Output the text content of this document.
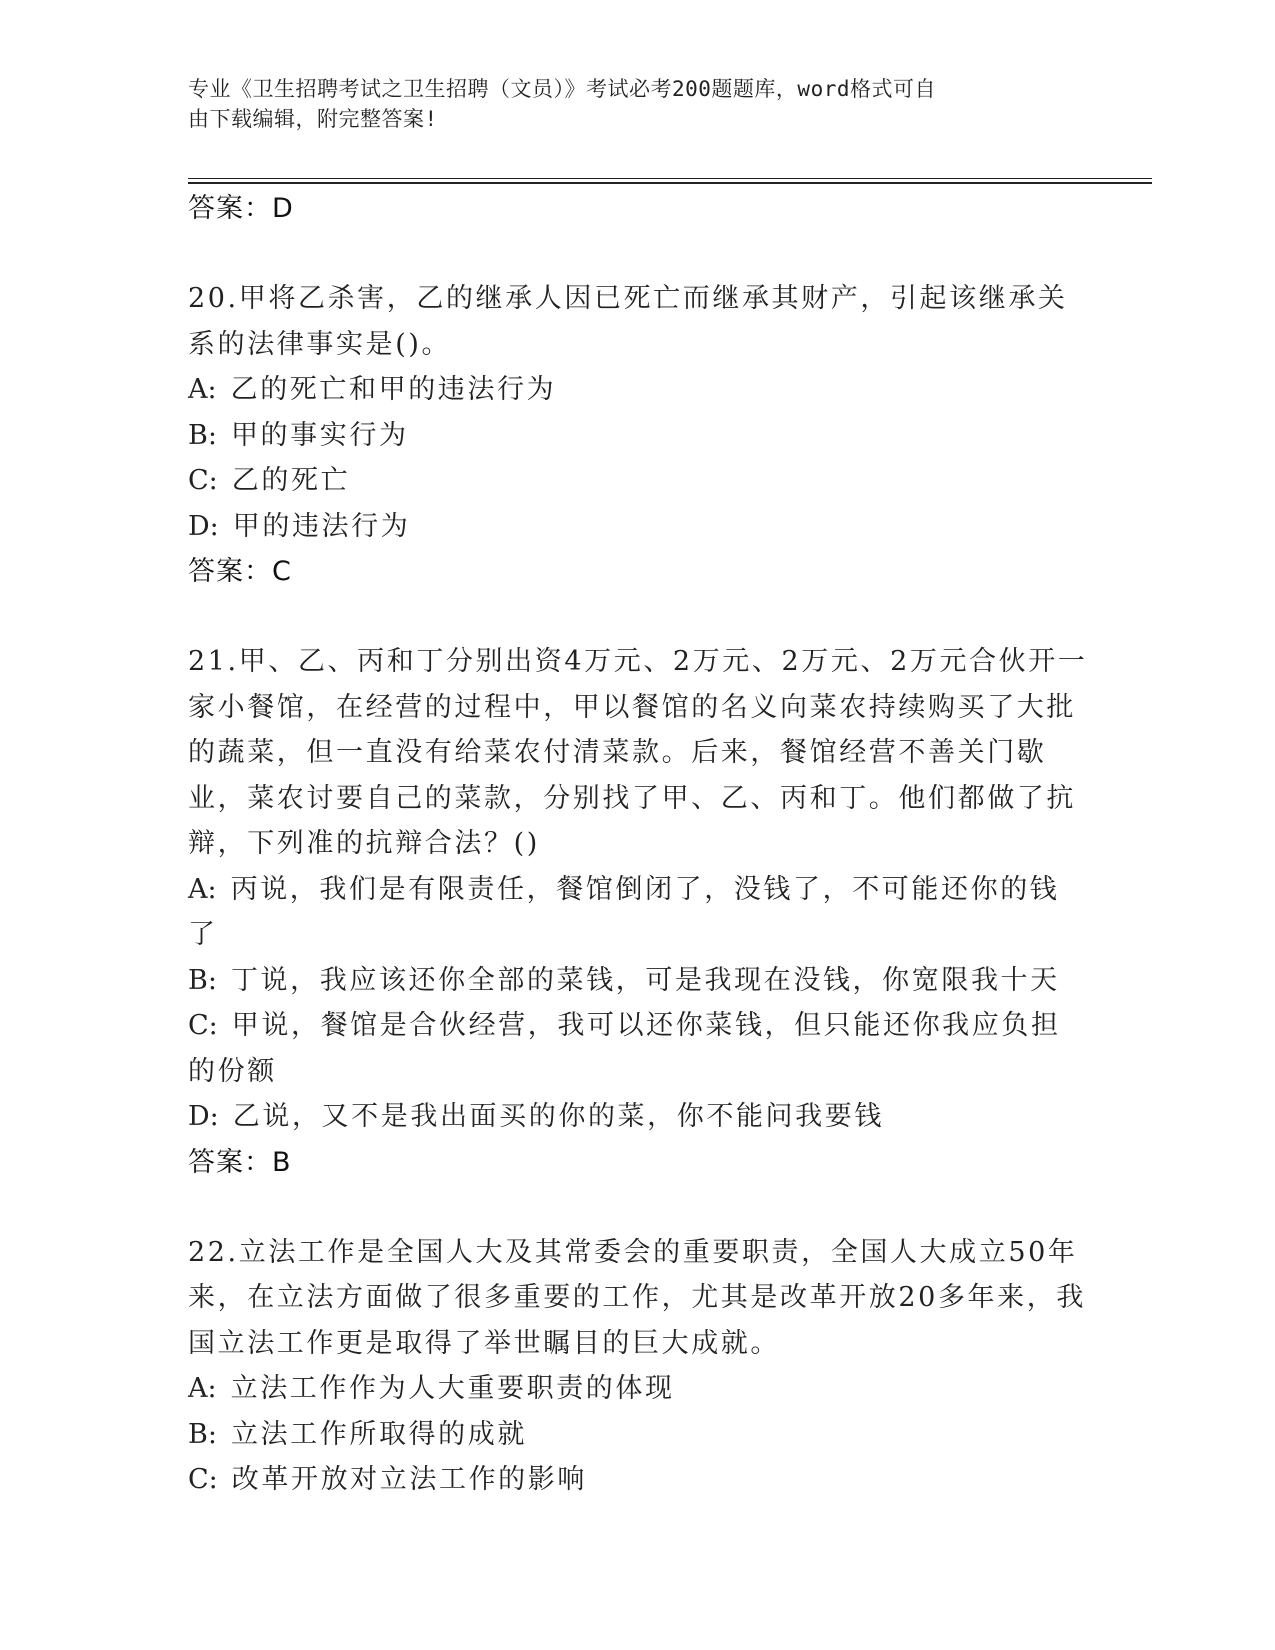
专业《卫生招聘考试之卫生招聘（文员）》考试必考200题题库，word格式可自
由下载编辑，附完整答案!
答案：D
20.甲将乙杀害，乙的继承人因已死亡而继承其财产，引起该继承关系的法律事实是()。
A: 乙的死亡和甲的违法行为
B: 甲的事实行为
C: 乙的死亡
D: 甲的违法行为
答案：C
21.甲、乙、丙和丁分别出资4万元、2万元、2万元、2万元合伙开一家小餐馆，在经营的过程中，甲以餐馆的名义向菜农持续购买了大批的蔬菜，但一直没有给菜农付清菜款。后来，餐馆经营不善关门歇业，菜农讨要自己的菜款，分别找了甲、乙、丙和丁。他们都做了抗辩，下列准的抗辩合法？()
A: 丙说，我们是有限责任，餐馆倒闭了，没钱了，不可能还你的钱了
B: 丁说，我应该还你全部的菜钱，可是我现在没钱，你宽限我十天
C: 甲说，餐馆是合伙经营，我可以还你菜钱，但只能还你我应负担的份额
D: 乙说，又不是我出面买的你的菜，你不能问我要钱
答案：B
22.立法工作是全国人大及其常委会的重要职责，全国人大成立50年来，在立法方面做了很多重要的工作，尤其是改革开放20多年来，我国立法工作更是取得了举世瞩目的巨大成就。
A: 立法工作作为人大重要职责的体现
B: 立法工作所取得的成就
C: 改革开放对立法工作的影响
